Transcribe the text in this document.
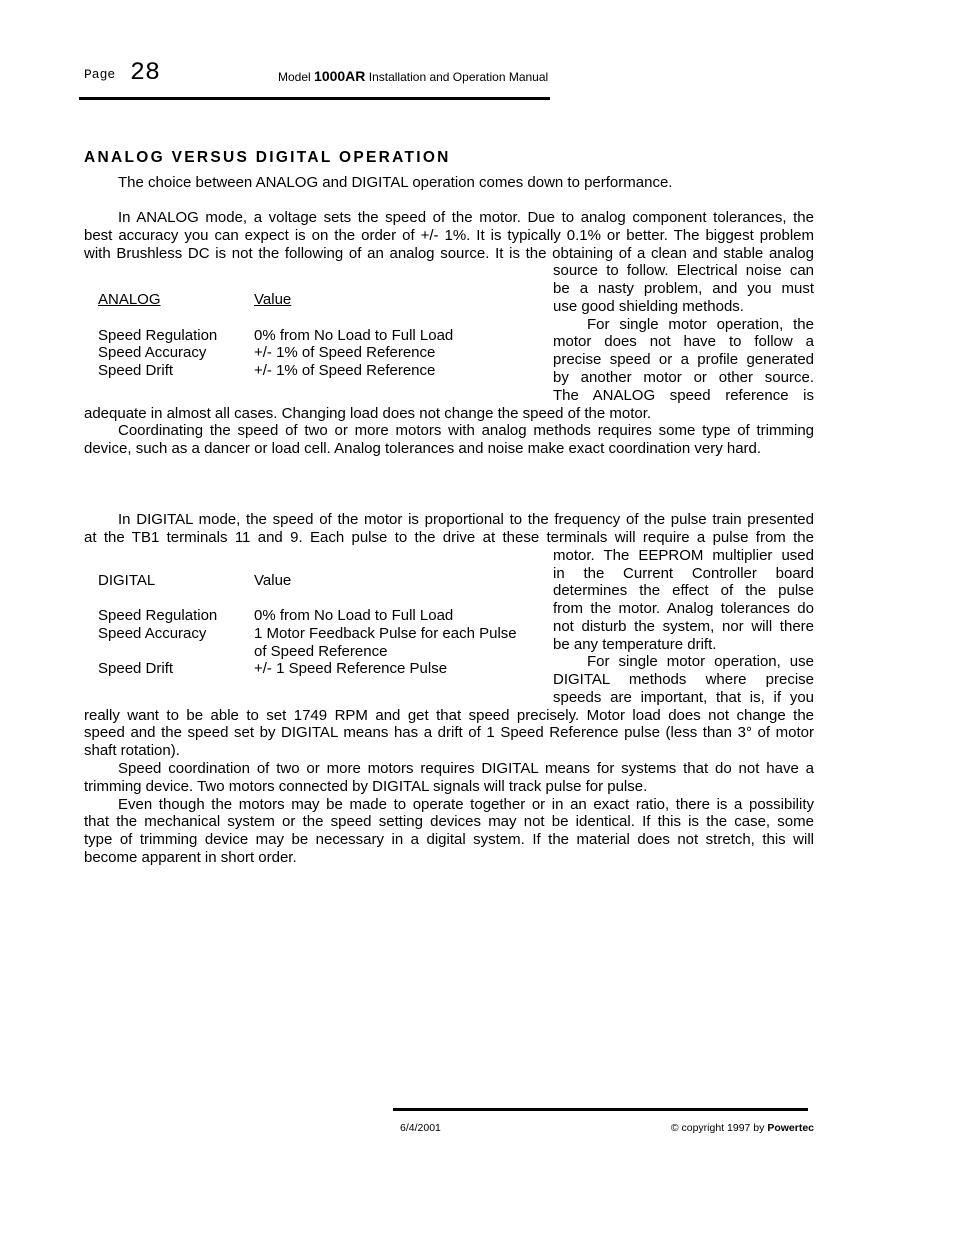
Page 28	Model 1000AR Installation and Operation Manual
ANALOG VERSUS DIGITAL OPERATION
The choice between ANALOG and DIGITAL operation comes down to performance.
In ANALOG mode, a voltage sets the speed of the motor. Due to analog component tolerances, the
best accuracy you can expect is on the order of +/- 1%. It is typically 0.1% or better. The biggest problem
with Brushless DC is not the following of an analog source. It is the obtaining of a clean and stable analog
source to follow. Electrical noise can
be a nasty problem, and you must
use good shielding methods.
For single motor operation, the
motor does not have to follow a
precise speed or a profile generated
by another motor or other source.
The ANALOG speed reference is
ANALOG	Value
Speed Regulation 0% from No Load to Full Load
Speed Accuracy	+/- 1% of Speed Reference
Speed Drift	+/- 1% of Speed Reference
adequate in almost all cases. Changing load does not change the speed of the motor.
Coordinating the speed of two or more motors with analog methods requires some type of trimming
device, such as a dancer or load cell. Analog tolerances and noise make exact coordination very hard.
In DIGITAL mode, the speed of the motor is proportional to the frequency of the pulse train presented
at the TB1 terminals 11 and 9. Each pulse to the drive at these terminals will require a pulse from the
motor. The EEPROM multiplier used
in the Current Controller board
determines the effect of the pulse
from the motor. Analog tolerances do
not disturb the system, nor will there
be any temperature drift.
For single motor operation, use
DIGITAL methods where precise
speeds are important, that is, if you
DIGITAL	Value
Speed Regulation 0% from No Load to Full Load
Speed Accuracy	1 Motor Feedback Pulse for each Pulse
of Speed Reference
Speed Drift	+/- 1 Speed Reference Pulse
really want to be able to set 1749 RPM and get that speed precisely. Motor load does not change the
speed and the speed set by DIGITAL means has a drift of 1 Speed Reference pulse (less than 3° of motor
shaft rotation).
Speed coordination of two or more motors requires DIGITAL means for systems that do not have a
trimming device. Two motors connected by DIGITAL signals will track pulse for pulse.
Even though the motors may be made to operate together or in an exact ratio, there is a possibility
that the mechanical system or the speed setting devices may not be identical. If this is the case, some
type of trimming device may be necessary in a digital system. If the material does not stretch, this will
become apparent in short order.
6/4/2001	© copyright 1997 by Powertec
